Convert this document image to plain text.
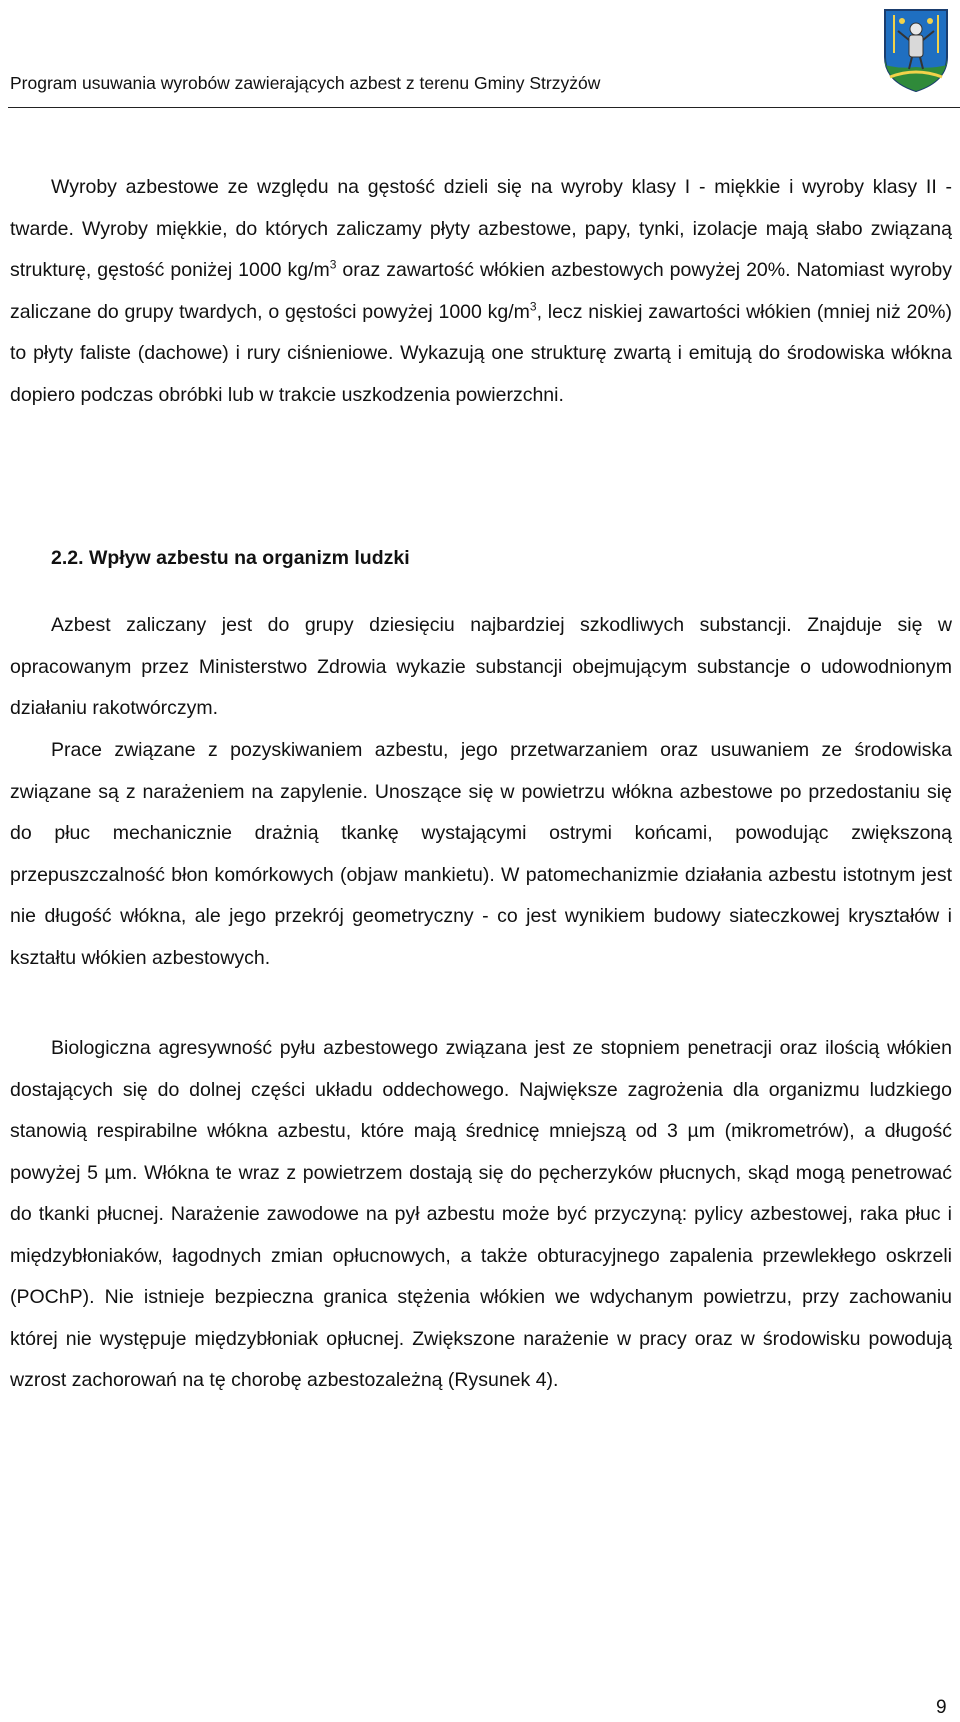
Program usuwania wyrobów zawierających azbest z terenu Gminy Strzyżów

Wyroby azbestowe ze względu na gęstość dzieli się na wyroby klasy I - miękkie i wyroby klasy II - twarde. Wyroby miękkie, do których zaliczamy płyty azbestowe, papy, tynki, izolacje mają słabo związaną strukturę, gęstość poniżej 1000 $kg/m^3$ oraz zawartość włókien azbestowych powyżej 20%. Natomiast wyroby zaliczane do grupy twardych, o gęstości powyżej 1000 $kg/m^3$, lecz niskiej zawartości włókien (mniej niż 20%) to płyty faliste (dachowe) i rury ciśnieniowe. Wykazują one strukturę zwartą i emitują do środowiska włókna dopiero podczas obróbki lub w trakcie uszkodzenia powierzchni.

2.2. Wpływ azbestu na organizm ludzki

Azbest zaliczany jest do grupy dziesięciu najbardziej szkodliwych substancji. Znajduje się w opracowanym przez Ministerstwo Zdrowia wykazie substancji obejmującym substancje o udowodnionym działaniu rakotwórczym.

Prace związane z pozyskiwaniem azbestu, jego przetwarzaniem oraz usuwaniem ze środowiska związane są z narażeniem na zapylenie. Unoszące się w powietrzu włókna azbestowe po przedostaniu się do płuc mechanicznie drażnią tkankę wystającymi ostrymi końcami, powodując zwiększoną przepuszczalność błon komórkowych (objaw mankietu). W patomechanizmie działania azbestu istotnym jest nie długość włókna, ale jego przekrój geometryczny - co jest wynikiem budowy siateczkowej kryształów i kształtu włókien azbestowych.

Biologiczna agresywność pyłu azbestowego związana jest ze stopniem penetracji oraz ilością włókien dostających się do dolnej części układu oddechowego. Największe zagrożenia dla organizmu ludzkiego stanowią respirabilne włókna azbestu, które mają średnicę mniejszą od 3 µm (mikrometrów), a długość powyżej 5 µm. Włókna te wraz z powietrzem dostają się do pęcherzyków płucnych, skąd mogą penetrować do tkanki płucnej. Narażenie zawodowe na pył azbestu może być przyczyną: pylicy azbestowej, raka płuc i międzybłoniaków, łagodnych zmian opłucnowych, a także obturacyjnego zapalenia przewlekłego oskrzeli (POChP). Nie istnieje bezpieczna granica stężenia włókien we wdychanym powietrzu, przy zachowaniu której nie występuje międzybłoniak opłucnej. Zwiększone narażenie w pracy oraz w środowisku powodują wzrost zachorowań na tę chorobę azbestozależną (Rysunek 4).

9
